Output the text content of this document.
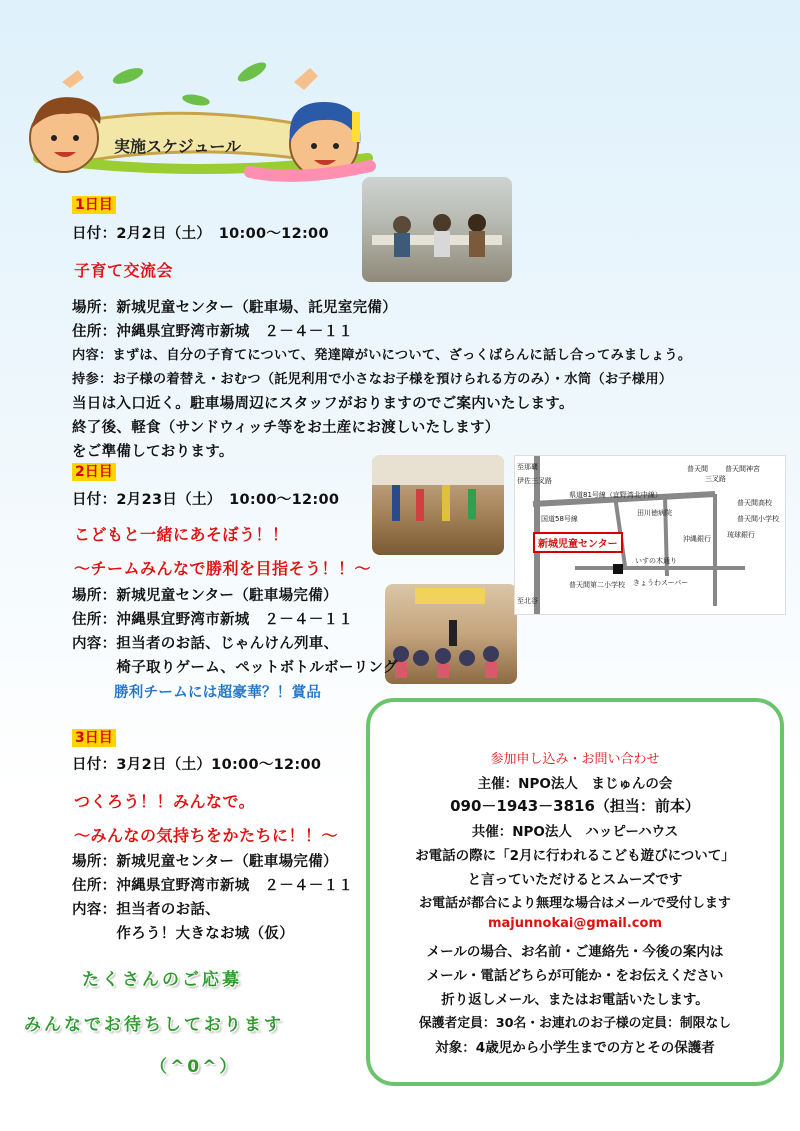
実施スケジュール
新城児童センター
普天間 普天間神宮
三叉路
県道81号線（宜野湾北中線）
国道58号線
普天間高校
田川徳病院
沖縄銀行 琉球銀行
普天間小学校
普天間第二小学校
伊佐三叉路
至那覇
至北谷
いすの木通り
きょうわスーパー
1日目
日付：2月2日（土）　10:00～12:00
子育て交流会
場所：新城児童センター（駐車場、託児室完備）
住所：沖縄県宜野湾市新城　２－４－１１
内容：まずは、自分の子育てについて、発達障がいについて、ざっくばらんに話し合ってみましょう。
持参：お子様の着替え・おむつ（託児利用で小さなお子様を預けられる方のみ）・水筒（お子様用）
当日は入口近く。駐車場周辺にスタッフがおりますのでご案内いたします。
終了後、軽食（サンドウィッチ等をお土産にお渡しいたします）
をご準備しております。
2日目
日付：2月23日（土）　10:00～12:00
こどもと一緒にあそぼう！！
～チームみんなで勝利を目指そう！！～
場所：新城児童センター（駐車場完備）
住所：沖縄県宜野湾市新城　２－４－１１
内容：担当者のお話、じゃんけん列車、
　　　椅子取りゲーム、ペットボトルボーリング
勝利チームには超豪華？！賞品
3日目
日付：3月2日（土）10:00～12:00
つくろう！！みんなで。
～みんなの気持ちをかたちに！！～
場所：新城児童センター（駐車場完備）
住所：沖縄県宜野湾市新城　２－４－１１
内容：担当者のお話、
　　　作ろう！大きなお城（仮）
たくさんのご応募
みんなでお待ちしております
（^0^）
参加申し込み・お問い合わせ
主催：NPO法人　まじゅんの会
090－1943－3816（担当：前本）
共催：NPO法人　ハッピーハウス
お電話の際に「2月に行われるこども遊びについて」
と言っていただけるとスムーズです
お電話が都合により無理な場合はメールで受付します
majunnokai@gmail.com
メールの場合、お名前・ご連絡先・今後の案内は
メール・電話どちらが可能か・をお伝えください
折り返しメール、またはお電話いたします。
保護者定員：30名・お連れのお子様の定員：制限なし
対象：4歳児から小学生までの方とその保護者
